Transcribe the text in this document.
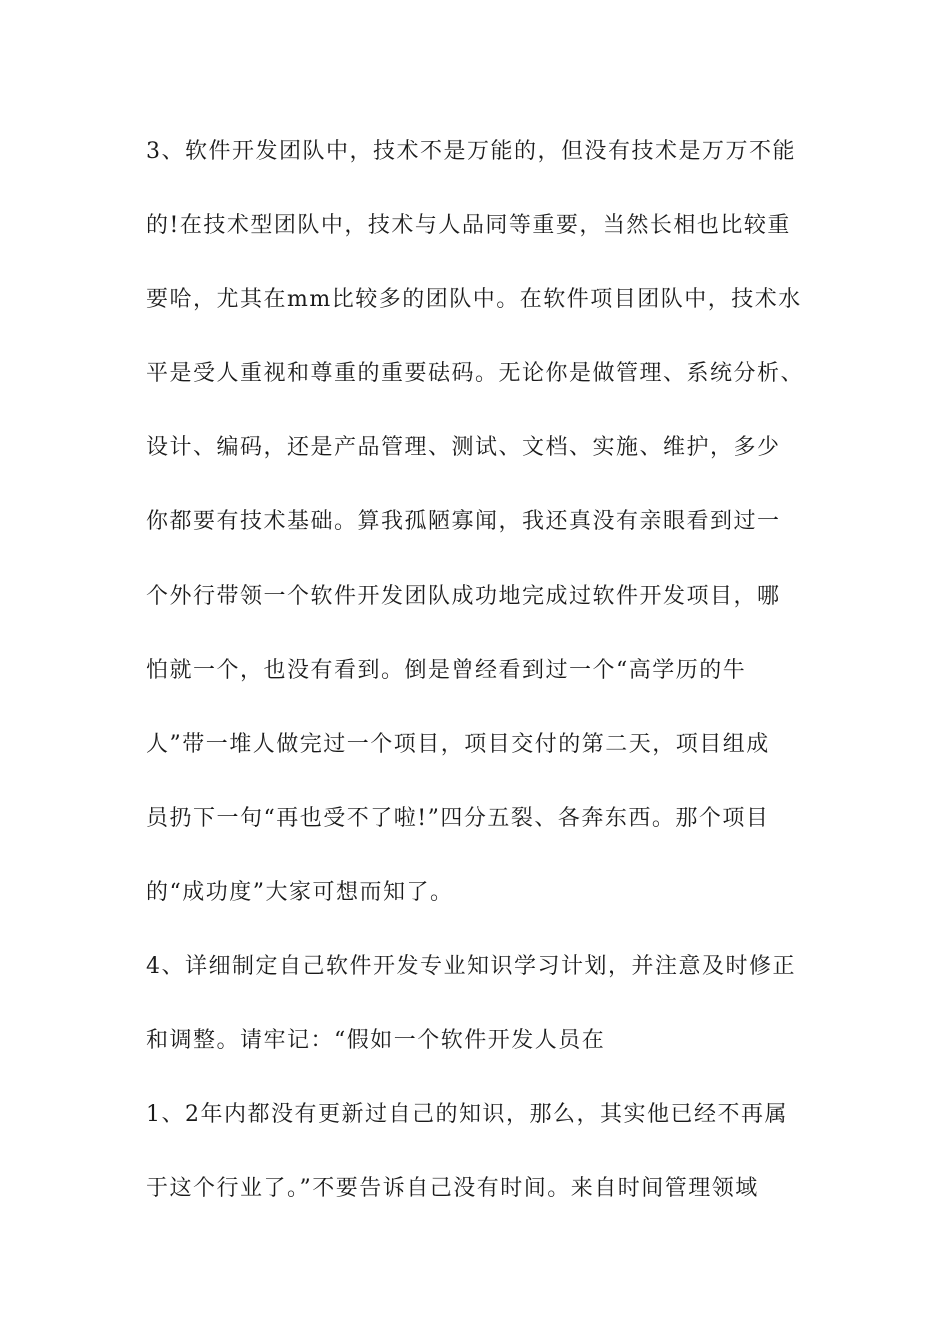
3、软件开发团队中，技术不是万能的，但没有技术是万万不能
的!在技术型团队中，技术与人品同等重要，当然长相也比较重
要哈，尤其在mm比较多的团队中。在软件项目团队中，技术水
平是受人重视和尊重的重要砝码。无论你是做管理、系统分析、
设计、编码，还是产品管理、测试、文档、实施、维护，多少
你都要有技术基础。算我孤陋寡闻，我还真没有亲眼看到过一
个外行带领一个软件开发团队成功地完成过软件开发项目，哪
怕就一个，也没有看到。倒是曾经看到过一个“高学历的牛
人”带一堆人做完过一个项目，项目交付的第二天，项目组成
员扔下一句“再也受不了啦!”四分五裂、各奔东西。那个项目
的“成功度”大家可想而知了。
4、详细制定自己软件开发专业知识学习计划，并注意及时修正
和调整。请牢记：“假如一个软件开发人员在
1、2年内都没有更新过自己的知识，那么，其实他已经不再属
于这个行业了。”不要告诉自己没有时间。来自时间管理领域
